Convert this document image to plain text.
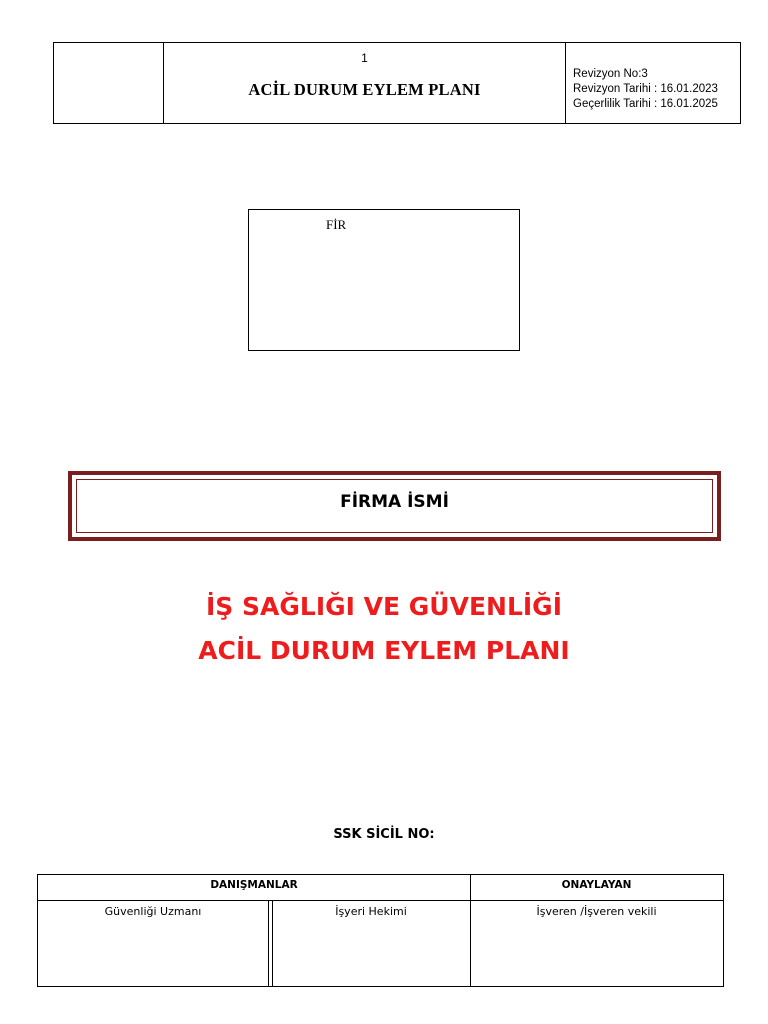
1
ACİL DURUM EYLEM PLANI
Revizyon No:3
Revizyon Tarihi : 16.01.2023
Geçerlilik Tarihi : 16.01.2025
FİR
FİRMA İSMİ
İŞ SAĞLIĞI VE GÜVENLİĞİ
ACİL DURUM EYLEM PLANI
SSK SİCİL NO:
DANIŞMANLAR	ONAYLAYAN
Güvenliği Uzmanı	İşyeri Hekimi	İşveren /İşveren vekili
